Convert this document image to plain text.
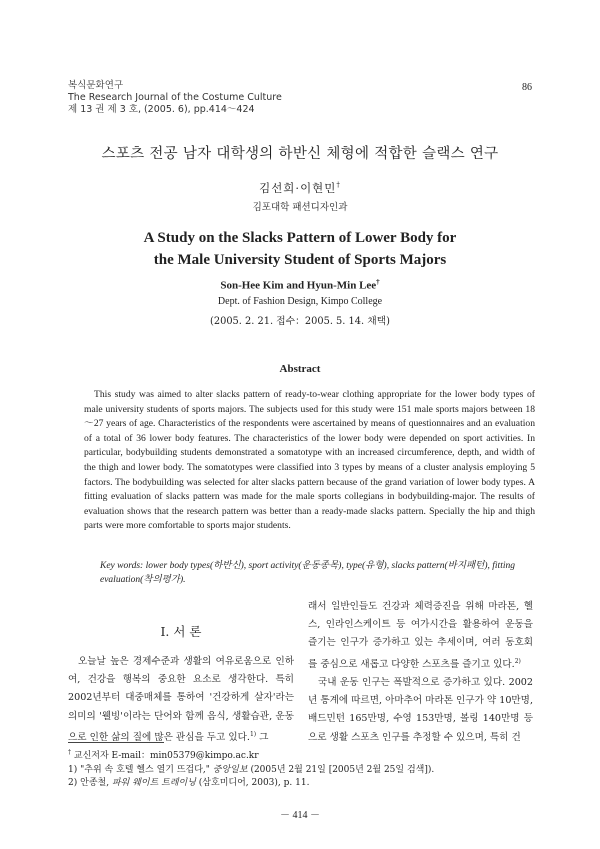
복식문화연구
The Research Journal of the Costume Culture
제 13 권 제 3 호, (2005. 6), pp.414～424
86
스포츠 전공 남자 대학생의 하반신 체형에 적합한 슬랙스 연구
김선희·이현민†
김포대학 패션디자인과
A Study on the Slacks Pattern of Lower Body for
the Male University Student of Sports Majors
Son-Hee Kim and Hyun-Min Lee†
Dept. of Fashion Design, Kimpo College
(2005. 2. 21. 접수：2005. 5. 14. 채택)
Abstract

This study was aimed to alter slacks pattern of ready-to-wear clothing appropriate for the lower body types of male university students of sports majors. The subjects used for this study were 151 male sports majors between 18～27 years of age. Characteristics of the respondents were ascertained by means of questionnaires and an evaluation of a total of 36 lower body features. The characteristics of the lower body were depended on sport activities. In particular, bodybuilding students demonstrated a somatotype with an increased circumference, depth, and width of the thigh and lower body. The somatotypes were classified into 3 types by means of a cluster analysis employing 5 factors. The bodybuilding was selected for alter slacks pattern because of the grand variation of lower body types. A fitting evaluation of slacks pattern was made for the male sports collegians in bodybuilding-major. The results of evaluation shows that the research pattern was better than a ready-made slacks pattern. Specially the hip and thigh parts were more comfortable to sports major students.

Key words: lower body types(하반신), sport activity(운동종목), type(유형), slacks pattern(바지패턴), fitting evaluation(착의평가).
Ⅰ. 서 론

오늘날 높은 경제수준과 생활의 여유로움으로 인하여, 건강을 행복의 중요한 요소로 생각한다. 특히 2002년부터 대중매체를 통하여 '건강하게 살자'라는 의미의 '웰빙'이라는 단어와 함께 음식, 생활습관, 운동으로 인한 삶의 질에 많은 관심을 두고 있다.$^{1)}$ 그

래서 일반인들도 건강과 체력증진을 위해 마라톤, 헬스, 인라인스케이트 등 여가시간을 활용하여 운동을 즐기는 인구가 증가하고 있는 추세이며, 여러 동호회를 중심으로 새롭고 다양한 스포츠를 즐기고 있다.$^{2)}$

국내 운동 인구는 폭발적으로 증가하고 있다. 2002년 통계에 따르면, 아마추어 마라톤 인구가 약 10만명, 배드민턴 165만명, 수영 153만명, 볼링 140만명 등으로 생활 스포츠 인구를 추정할 수 있으며, 특히 건

† 교신저자 E-mail：min05379@kimpo.ac.kr
1) "추위 속 호텔 헬스 열기 뜨겁다," 중앙일보 (2005년 2월 21일 [2005년 2월 25일 검색]).
2) 안종철, 파워 웨이트 트레이닝 (삼호미디어, 2003), p. 11.
－ 414 －
